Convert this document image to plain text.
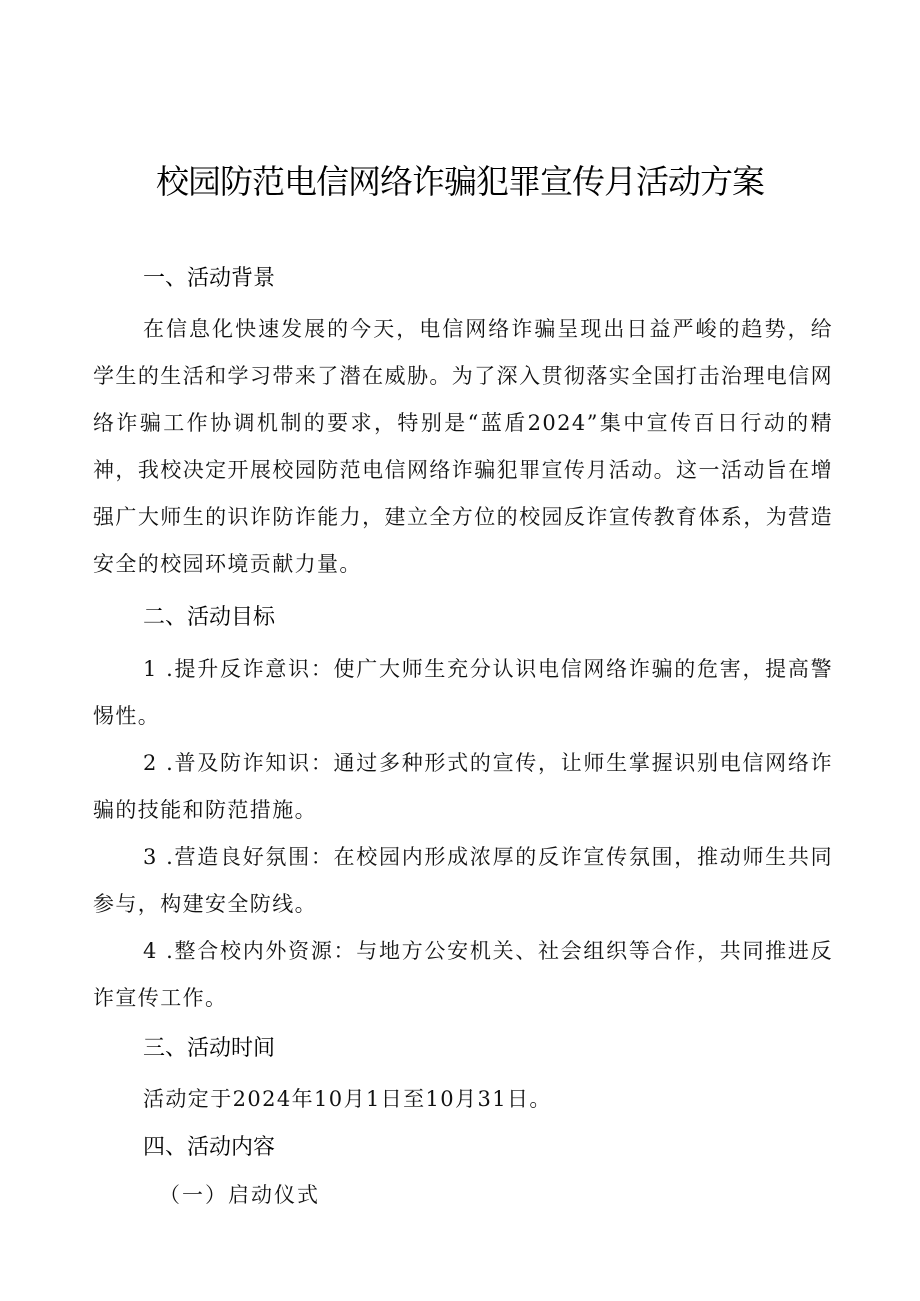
校园防范电信网络诈骗犯罪宣传月活动方案
一、活动背景
在信息化快速发展的今天，电信网络诈骗呈现出日益严峻的趋势，给学生的生活和学习带来了潜在威胁。为了深入贯彻落实全国打击治理电信网络诈骗工作协调机制的要求，特别是“蓝盾2024”集中宣传百日行动的精神，我校决定开展校园防范电信网络诈骗犯罪宣传月活动。这一活动旨在增强广大师生的识诈防诈能力，建立全方位的校园反诈宣传教育体系，为营造安全的校园环境贡献力量。
二、活动目标
1 .提升反诈意识：使广大师生充分认识电信网络诈骗的危害，提高警惕性。
2 .普及防诈知识：通过多种形式的宣传，让师生掌握识别电信网络诈骗的技能和防范措施。
3 .营造良好氛围：在校园内形成浓厚的反诈宣传氛围，推动师生共同参与，构建安全防线。
4 .整合校内外资源：与地方公安机关、社会组织等合作，共同推进反诈宣传工作。
三、活动时间
活动定于2024年10月1日至10月31日。
四、活动内容
（一）启动仪式
